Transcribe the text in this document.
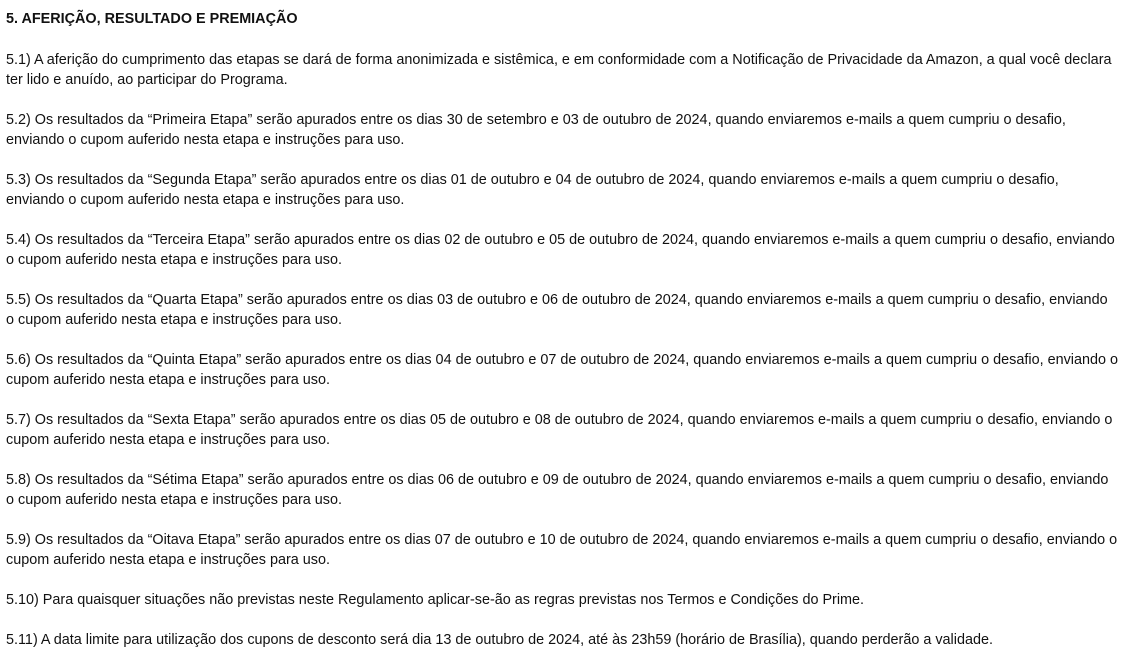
5. AFERIÇÃO, RESULTADO E PREMIAÇÃO

5.1) A aferição do cumprimento das etapas se dará de forma anonimizada e sistêmica, e em conformidade com a Notificação de Privacidade da Amazon, a qual você declara ter lido e anuído, ao participar do Programa.

5.2) Os resultados da “Primeira Etapa” serão apurados entre os dias 30 de setembro e 03 de outubro de 2024, quando enviaremos e-mails a quem cumpriu o desafio, enviando o cupom auferido nesta etapa e instruções para uso.

5.3) Os resultados da “Segunda Etapa” serão apurados entre os dias 01 de outubro e 04 de outubro de 2024, quando enviaremos e-mails a quem cumpriu o desafio, enviando o cupom auferido nesta etapa e instruções para uso.

5.4) Os resultados da “Terceira Etapa” serão apurados entre os dias 02 de outubro e 05 de outubro de 2024, quando enviaremos e-mails a quem cumpriu o desafio, enviando o cupom auferido nesta etapa e instruções para uso.

5.5) Os resultados da “Quarta Etapa” serão apurados entre os dias 03 de outubro e 06 de outubro de 2024, quando enviaremos e-mails a quem cumpriu o desafio, enviando o cupom auferido nesta etapa e instruções para uso.

5.6) Os resultados da “Quinta Etapa” serão apurados entre os dias 04 de outubro e 07 de outubro de 2024, quando enviaremos e-mails a quem cumpriu o desafio, enviando o cupom auferido nesta etapa e instruções para uso.

5.7) Os resultados da “Sexta Etapa” serão apurados entre os dias 05 de outubro e 08 de outubro de 2024, quando enviaremos e-mails a quem cumpriu o desafio, enviando o cupom auferido nesta etapa e instruções para uso.

5.8) Os resultados da “Sétima Etapa” serão apurados entre os dias 06 de outubro e 09 de outubro de 2024, quando enviaremos e-mails a quem cumpriu o desafio, enviando o cupom auferido nesta etapa e instruções para uso.

5.9) Os resultados da “Oitava Etapa” serão apurados entre os dias 07 de outubro e 10 de outubro de 2024, quando enviaremos e-mails a quem cumpriu o desafio, enviando o cupom auferido nesta etapa e instruções para uso.

5.10) Para quaisquer situações não previstas neste Regulamento aplicar-se-ão as regras previstas nos Termos e Condições do Prime.

5.11) A data limite para utilização dos cupons de desconto será dia 13 de outubro de 2024, até às 23h59 (horário de Brasília), quando perderão a validade.
